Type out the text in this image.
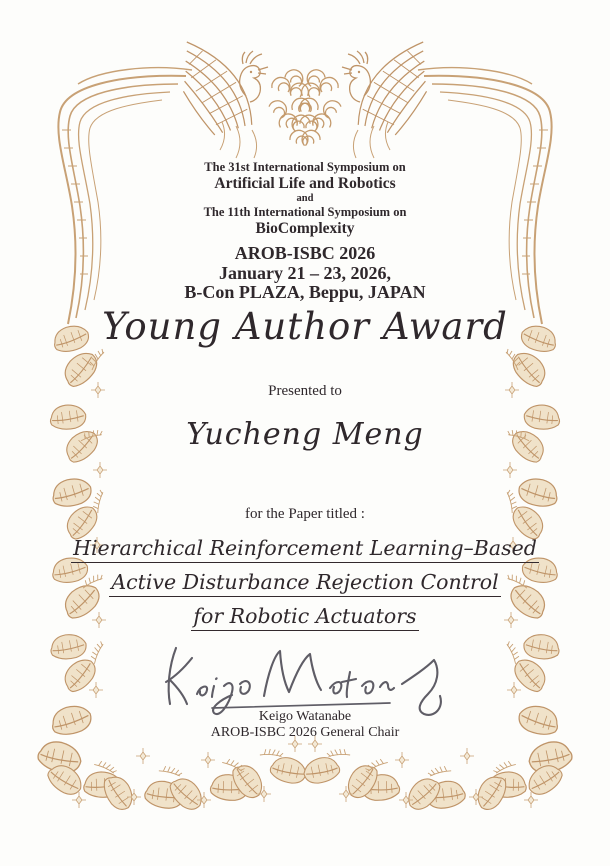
The 31st International Symposium on
Artificial Life and Robotics
and
The 11th International Symposium on
BioComplexity
AROB-ISBC 2026
January 21 – 23, 2026,
B-Con PLAZA, Beppu, JAPAN
Young Author Award
Presented to
Yucheng Meng
for the Paper titled :
Hierarchical Reinforcement Learning–Based
Active Disturbance Rejection Control
for Robotic Actuators
Keigo Watanabe
AROB-ISBC 2026 General Chair
